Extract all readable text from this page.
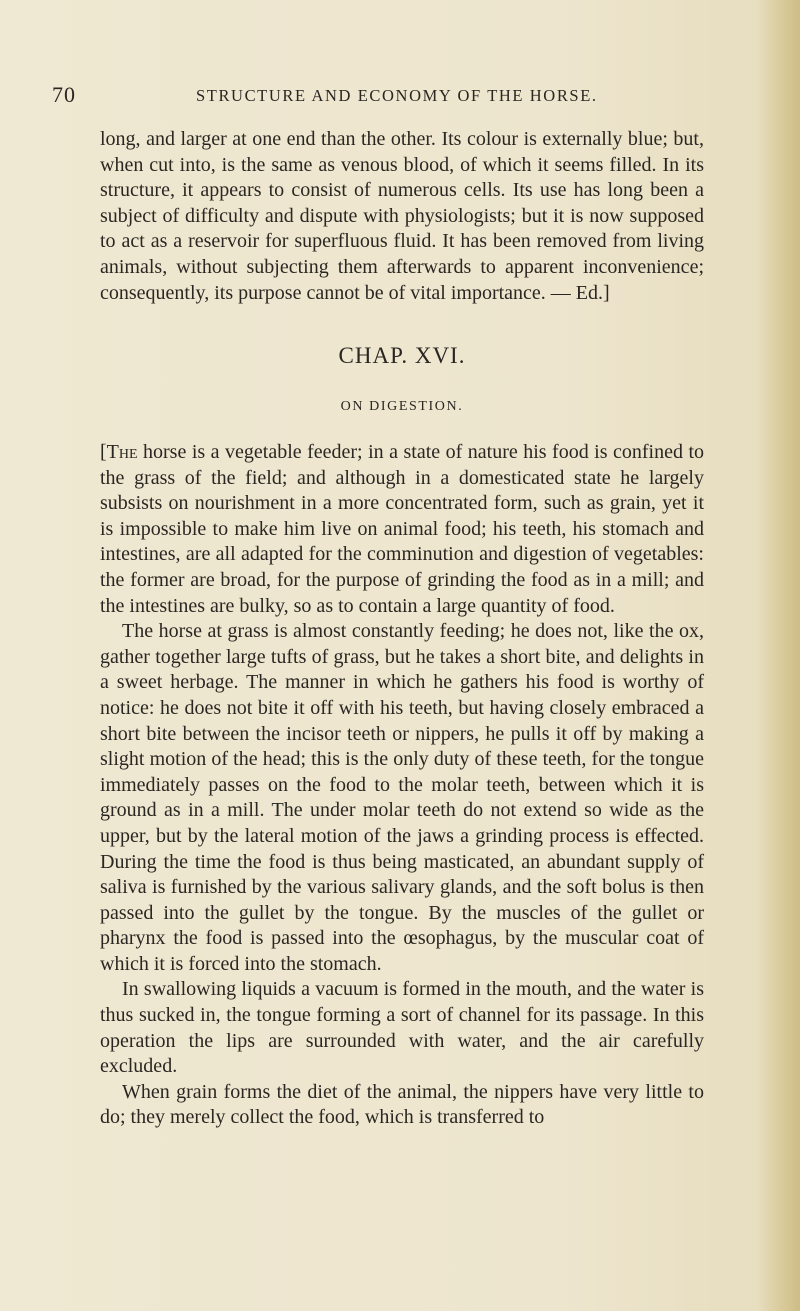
70	STRUCTURE AND ECONOMY OF THE HORSE.

long, and larger at one end than the other. Its colour is externally blue; but, when cut into, is the same as venous blood, of which it seems filled. In its structure, it appears to consist of numerous cells. Its use has long been a subject of difficulty and dispute with physiologists; but it is now supposed to act as a reservoir for superfluous fluid. It has been removed from living animals, without subjecting them afterwards to apparent inconvenience; consequently, its purpose cannot be of vital importance. — Ed.]

CHAP. XVI.
ON DIGESTION.

[The horse is a vegetable feeder; in a state of nature his food is confined to the grass of the field; and although in a domesticated state he largely subsists on nourishment in a more concentrated form, such as grain, yet it is impossible to make him live on animal food; his teeth, his stomach and intestines, are all adapted for the comminution and digestion of vegetables: the former are broad, for the purpose of grinding the food as in a mill; and the intestines are bulky, so as to contain a large quantity of food.

The horse at grass is almost constantly feeding; he does not, like the ox, gather together large tufts of grass, but he takes a short bite, and delights in a sweet herbage. The manner in which he gathers his food is worthy of notice: he does not bite it off with his teeth, but having closely embraced a short bite between the incisor teeth or nippers, he pulls it off by making a slight motion of the head; this is the only duty of these teeth, for the tongue immediately passes on the food to the molar teeth, between which it is ground as in a mill. The under molar teeth do not extend so wide as the upper, but by the lateral motion of the jaws a grinding process is effected. During the time the food is thus being masticated, an abundant supply of saliva is furnished by the various salivary glands, and the soft bolus is then passed into the gullet by the tongue. By the muscles of the gullet or pharynx the food is passed into the œsophagus, by the muscular coat of which it is forced into the stomach.

In swallowing liquids a vacuum is formed in the mouth, and the water is thus sucked in, the tongue forming a sort of channel for its passage. In this operation the lips are surrounded with water, and the air carefully excluded.

When grain forms the diet of the animal, the nippers have very little to do; they merely collect the food, which is transferred to
